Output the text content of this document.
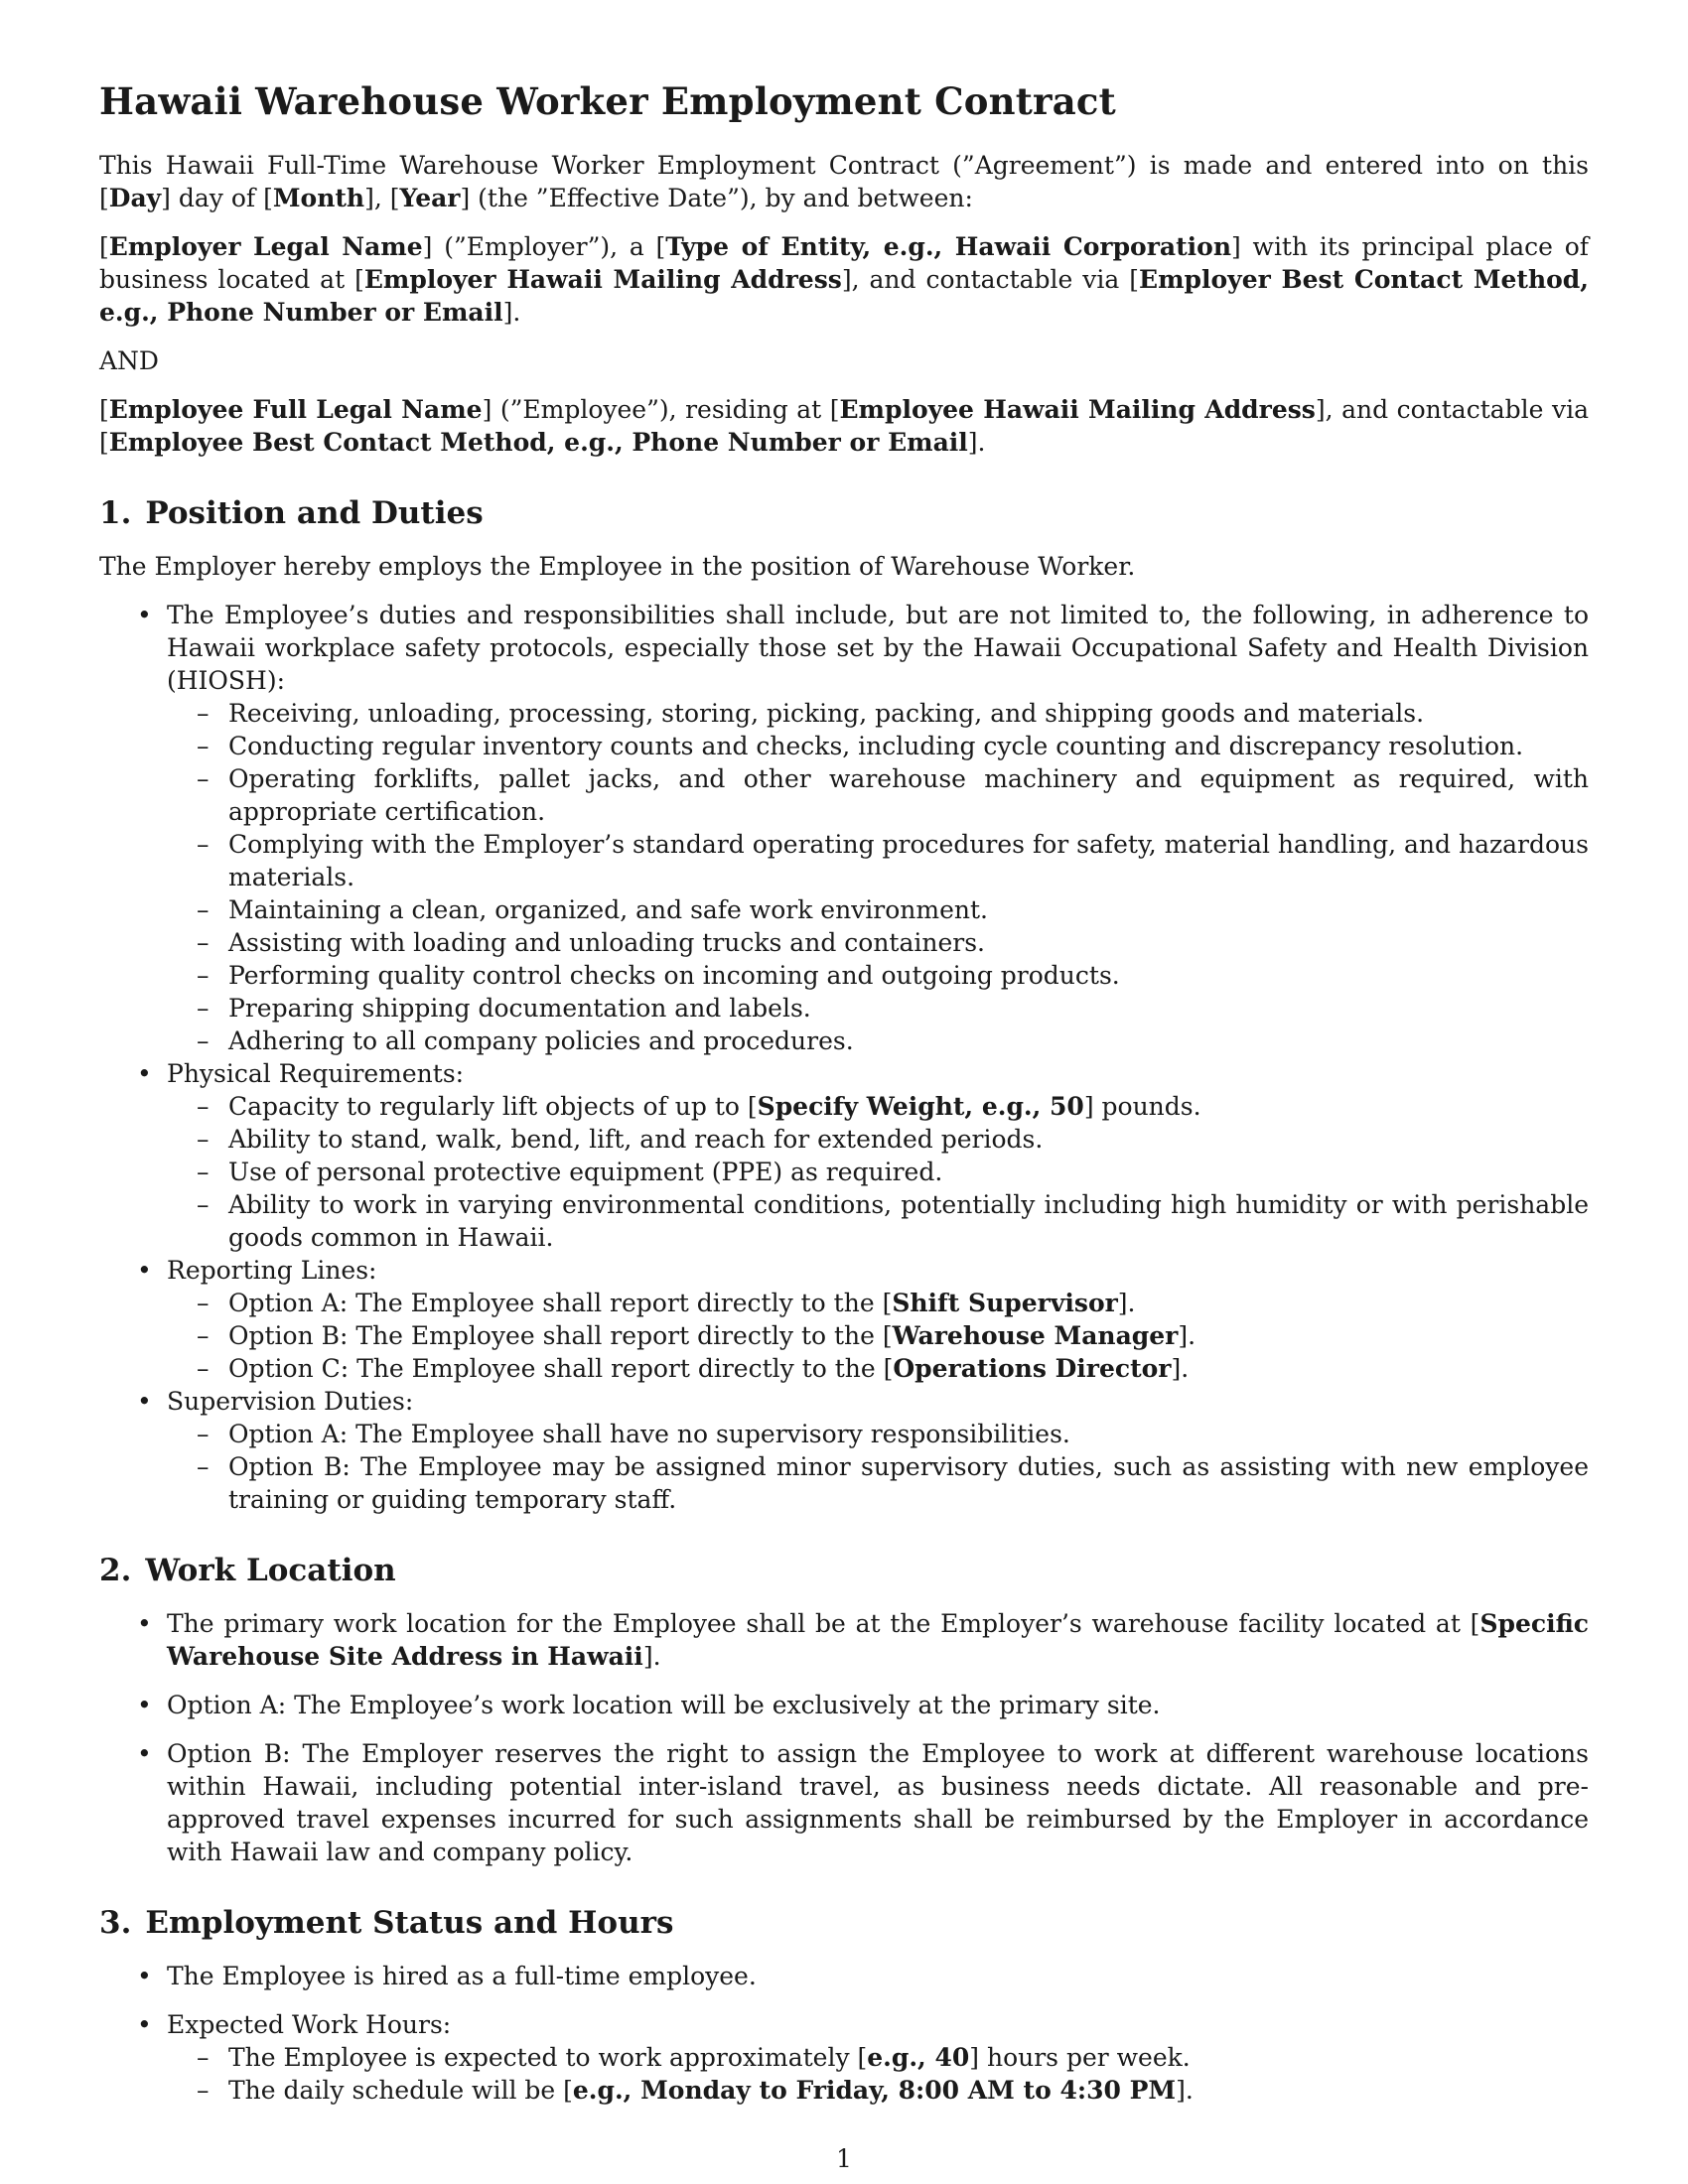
Hawaii Warehouse Worker Employment Contract

This Hawaii Full-Time Warehouse Worker Employment Contract (”Agreement”) is made and entered into on this [Day] day of [Month], [Year] (the ”Effective Date”), by and between:

[Employer Legal Name] (”Employer”), a [Type of Entity, e.g., Hawaii Corporation] with its principal place of business located at [Employer Hawaii Mailing Address], and contactable via [Employer Best Contact Method, e.g., Phone Number or Email].

AND

[Employee Full Legal Name] (”Employee”), residing at [Employee Hawaii Mailing Address], and contactable via [Employee Best Contact Method, e.g., Phone Number or Email].

1. Position and Duties

The Employer hereby employs the Employee in the position of Warehouse Worker.

• The Employee’s duties and responsibilities shall include, but are not limited to, the following, in adherence to Hawaii workplace safety protocols, especially those set by the Hawaii Occupational Safety and Health Division (HIOSH):
– Receiving, unloading, processing, storing, picking, packing, and shipping goods and materials.
– Conducting regular inventory counts and checks, including cycle counting and discrepancy resolution.
– Operating forklifts, pallet jacks, and other warehouse machinery and equipment as required, with appropriate certification.
– Complying with the Employer’s standard operating procedures for safety, material handling, and hazardous materials.
– Maintaining a clean, organized, and safe work environment.
– Assisting with loading and unloading trucks and containers.
– Performing quality control checks on incoming and outgoing products.
– Preparing shipping documentation and labels.
– Adhering to all company policies and procedures.
• Physical Requirements:
– Capacity to regularly lift objects of up to [Specify Weight, e.g., 50] pounds.
– Ability to stand, walk, bend, lift, and reach for extended periods.
– Use of personal protective equipment (PPE) as required.
– Ability to work in varying environmental conditions, potentially including high humidity or with perishable goods common in Hawaii.
• Reporting Lines:
– Option A: The Employee shall report directly to the [Shift Supervisor].
– Option B: The Employee shall report directly to the [Warehouse Manager].
– Option C: The Employee shall report directly to the [Operations Director].
• Supervision Duties:
– Option A: The Employee shall have no supervisory responsibilities.
– Option B: The Employee may be assigned minor supervisory duties, such as assisting with new employee training or guiding temporary staff.
2. Work Location
• The primary work location for the Employee shall be at the Employer’s warehouse facility located at [Specific Warehouse Site Address in Hawaii].
• Option A: The Employee’s work location will be exclusively at the primary site.
• Option B: The Employer reserves the right to assign the Employee to work at different warehouse locations within Hawaii, including potential inter-island travel, as business needs dictate. All reasonable and pre-approved travel expenses incurred for such assignments shall be reimbursed by the Employer in accordance with Hawaii law and company policy.
3. Employment Status and Hours
• The Employee is hired as a full-time employee.
• Expected Work Hours:
– The Employee is expected to work approximately [e.g., 40] hours per week.
– The daily schedule will be [e.g., Monday to Friday, 8:00 AM to 4:30 PM].
1
